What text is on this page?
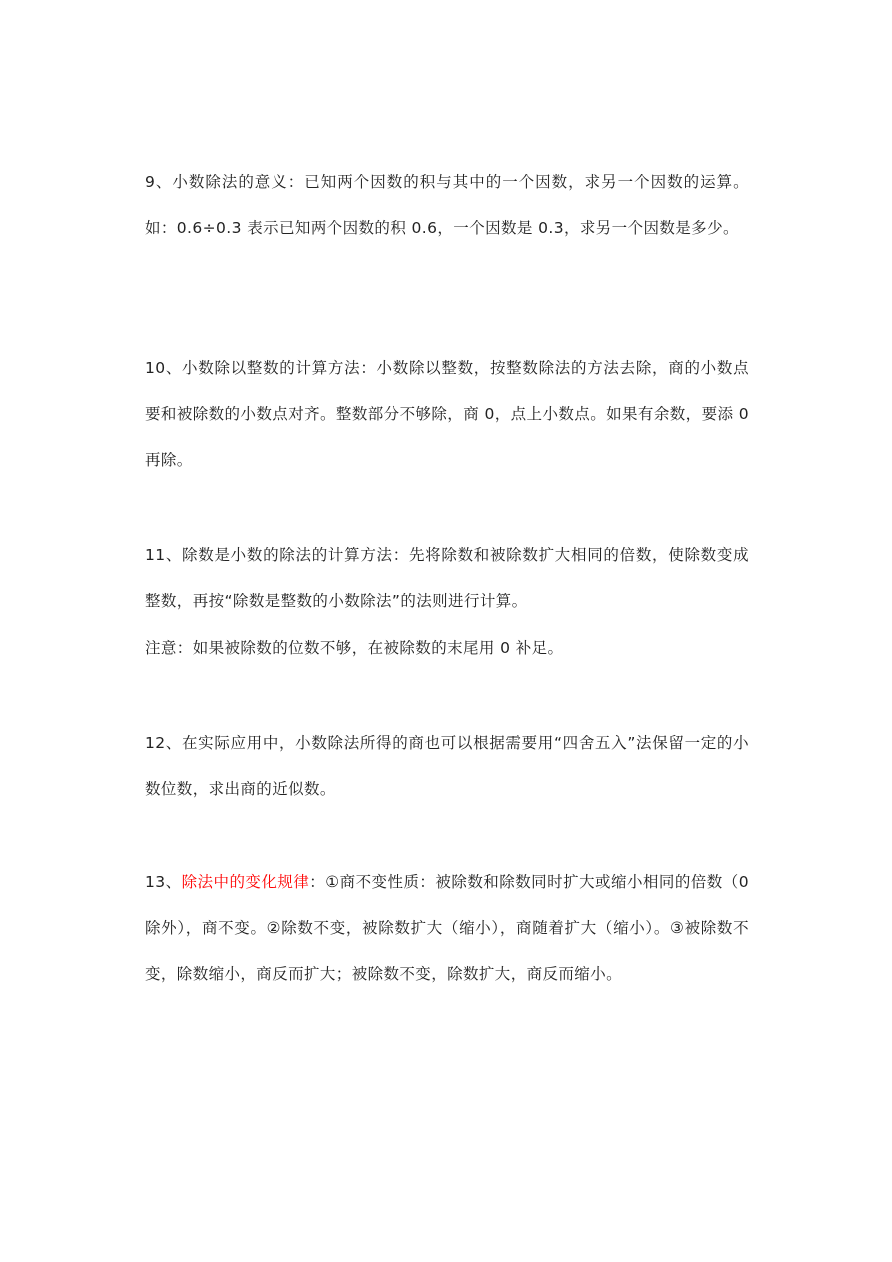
9、小数除法的意义：已知两个因数的积与其中的一个因数，求另一个因数的运算。如：0.6÷0.3 表示已知两个因数的积 0.6，一个因数是 0.3，求另一个因数是多少。

10、小数除以整数的计算方法：小数除以整数，按整数除法的方法去除，商的小数点要和被除数的小数点对齐。整数部分不够除，商 0，点上小数点。如果有余数，要添 0 再除。

11、除数是小数的除法的计算方法：先将除数和被除数扩大相同的倍数，使除数变成整数，再按“除数是整数的小数除法”的法则进行计算。

注意：如果被除数的位数不够，在被除数的末尾用 0 补足。

12、在实际应用中，小数除法所得的商也可以根据需要用“四舍五入”法保留一定的小数位数，求出商的近似数。

13、除法中的变化规律：①商不变性质：被除数和除数同时扩大或缩小相同的倍数（0 除外），商不变。②除数不变，被除数扩大（缩小），商随着扩大（缩小）。③被除数不变，除数缩小，商反而扩大；被除数不变，除数扩大，商反而缩小。
